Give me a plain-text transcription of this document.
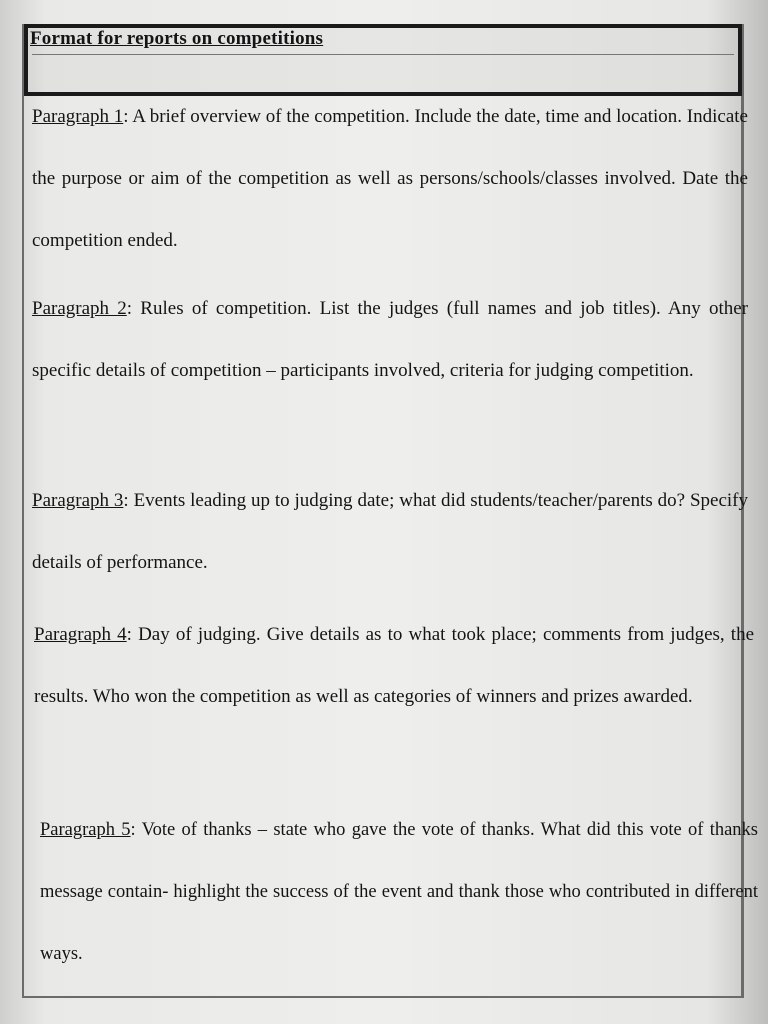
Format for reports on competitions

Paragraph 1: A brief overview of the competition. Include the date, time and location. Indicate the purpose or aim of the competition as well as persons/schools/classes involved. Date the competition ended.

Paragraph 2: Rules of competition. List the judges (full names and job titles). Any other specific details of competition – participants involved, criteria for judging competition.

Paragraph 3: Events leading up to judging date; what did students/teacher/parents do? Specify details of performance.

Paragraph 4: Day of judging. Give details as to what took place; comments from judges, the results. Who won the competition as well as categories of winners and prizes awarded.

Paragraph 5: Vote of thanks – state who gave the vote of thanks. What did this vote of thanks message contain- highlight the success of the event and thank those who contributed in different ways.
